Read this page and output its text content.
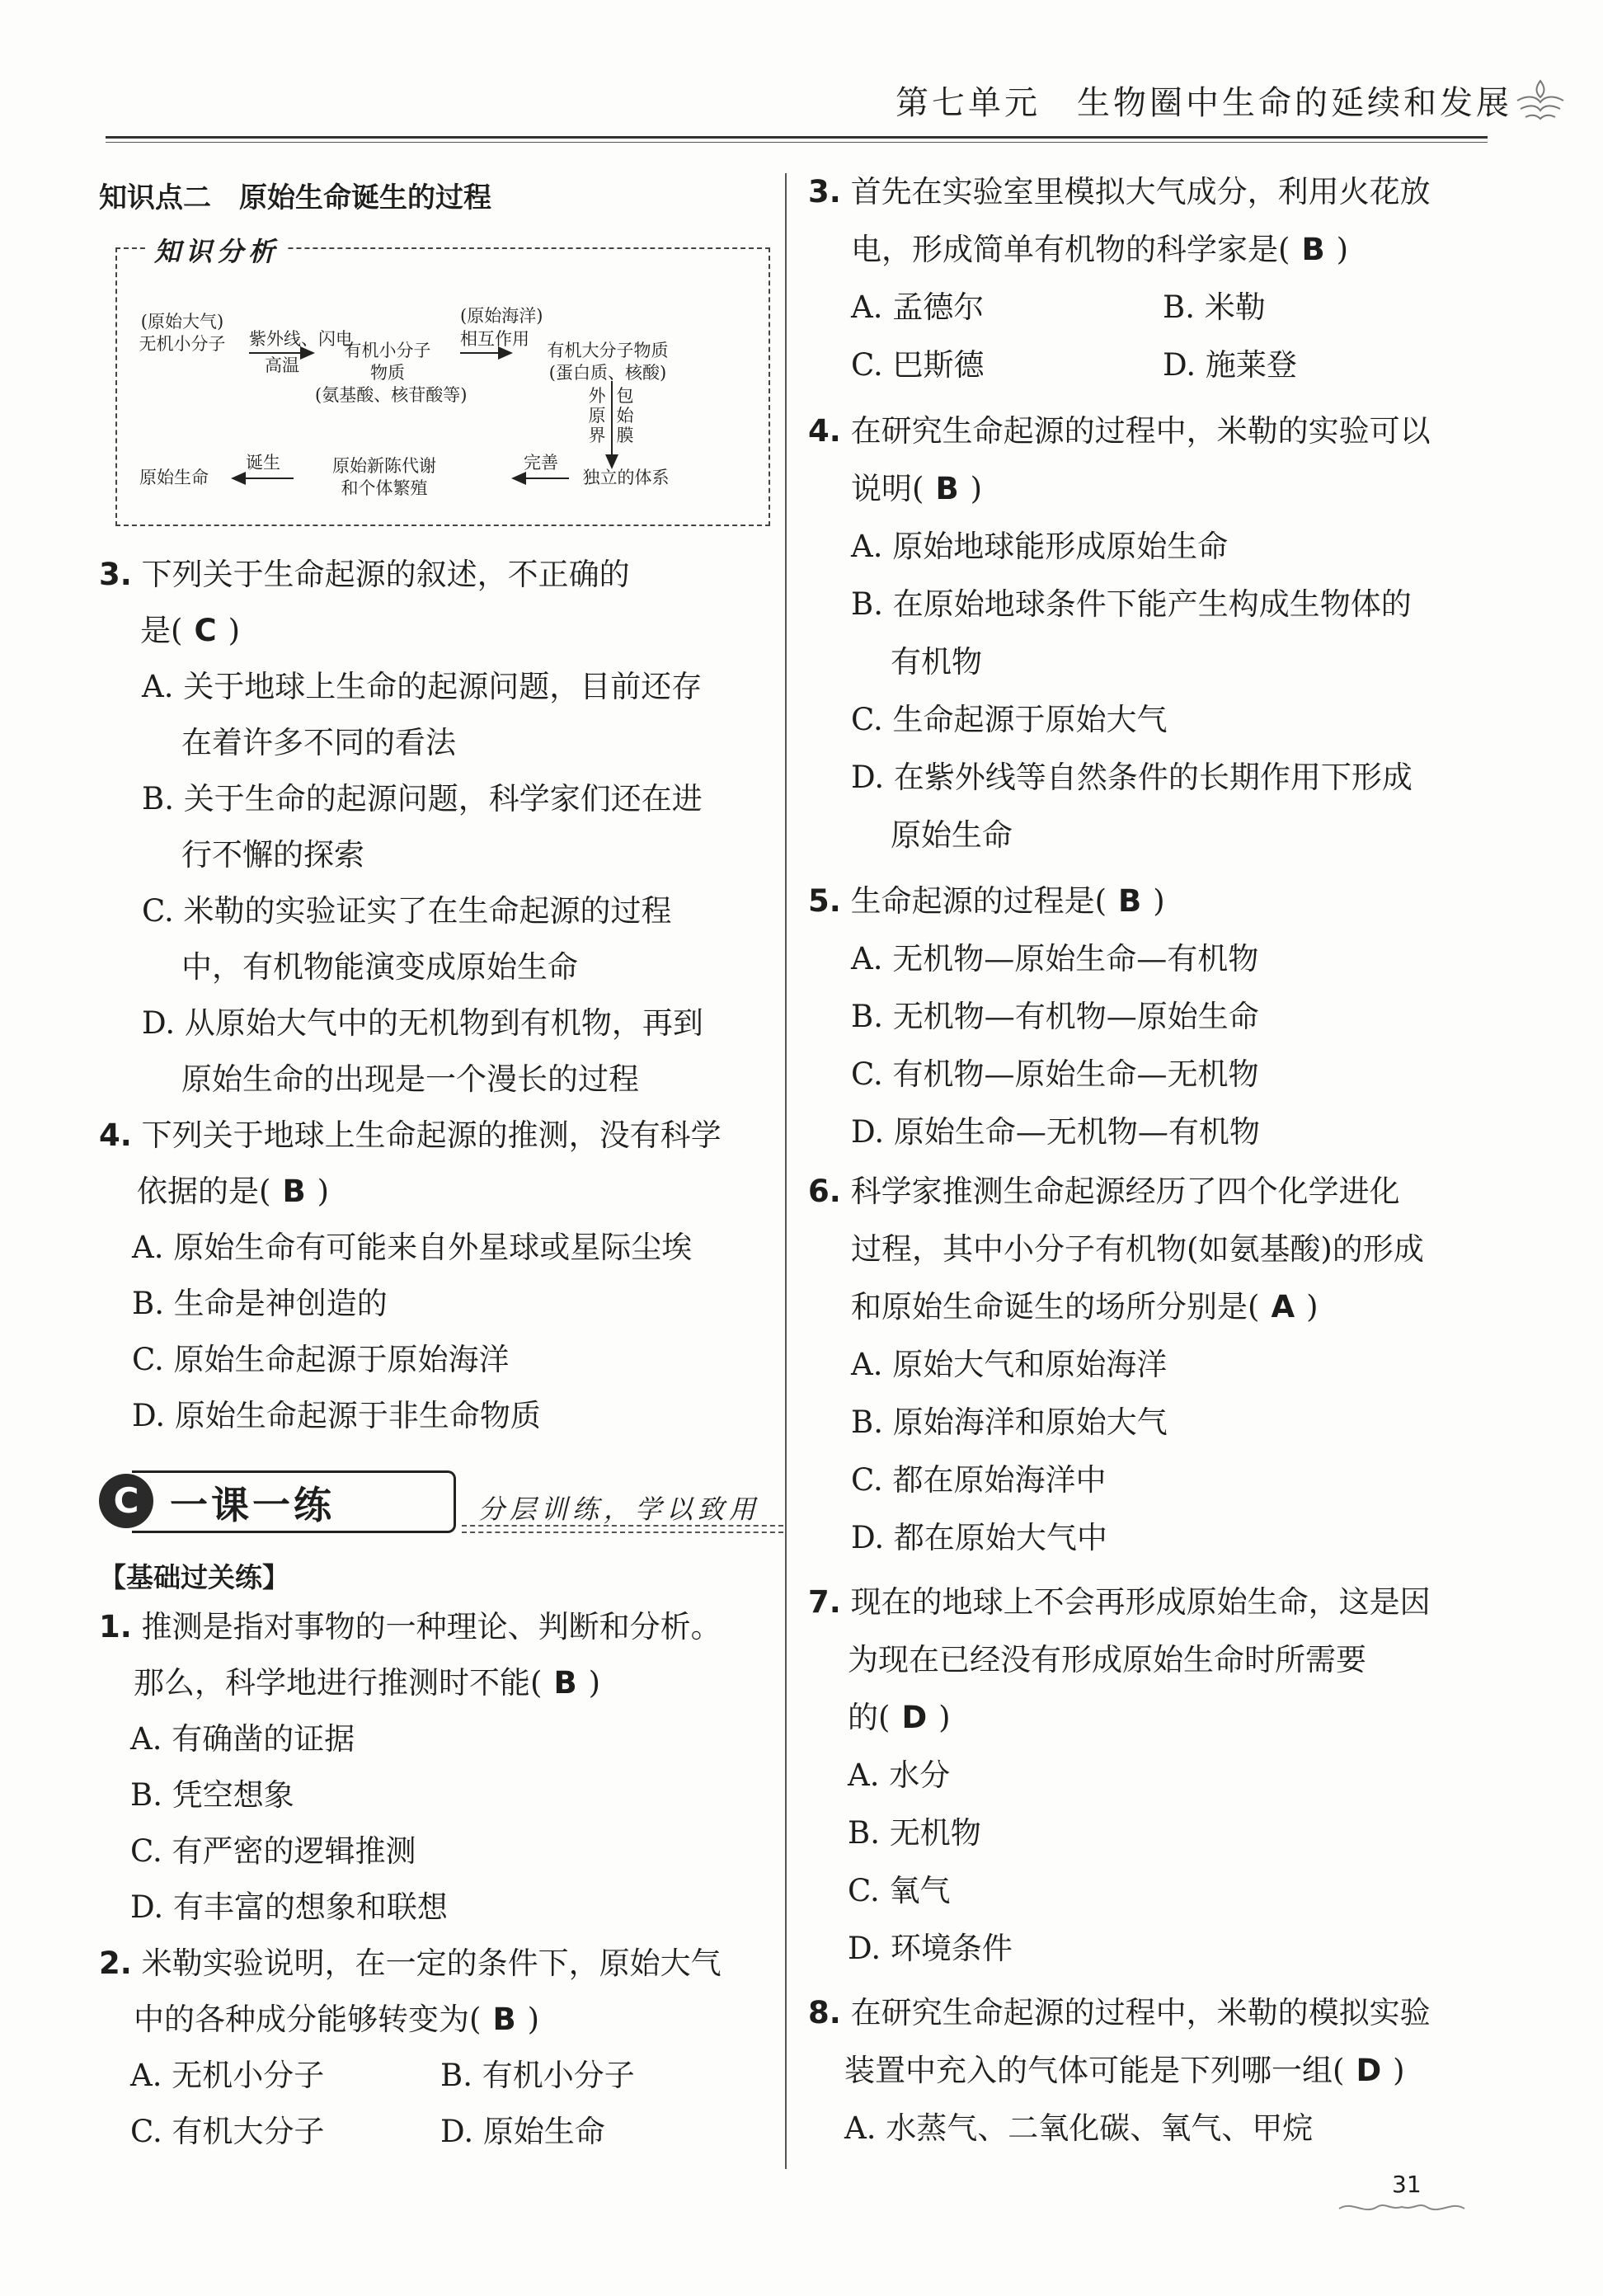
第七单元　生物圈中生命的延续和发展
知识点二　原始生命诞生的过程
知识分析
(原始大气)
无机小分子	紫外线、闪电
高温
有机小分子
物质
(氨基酸、核苷酸等)
(原始海洋)
相互作用
有机大分子物质
(蛋白质、核酸)
外
原
界
包
始
膜
独立的体系
完善
原始新陈代谢
和个体繁殖
诞生
原始生命
3. 下列关于生命起源的叙述，不正确的
是( C )
A. 关于地球上生命的起源问题，目前还存
在着许多不同的看法
B. 关于生命的起源问题，科学家们还在进
行不懈的探索
C. 米勒的实验证实了在生命起源的过程
中，有机物能演变成原始生命
D. 从原始大气中的无机物到有机物，再到
原始生命的出现是一个漫长的过程
4. 下列关于地球上生命起源的推测，没有科学
依据的是( B )
A. 原始生命有可能来自外星球或星际尘埃
B. 生命是神创造的
C. 原始生命起源于原始海洋
D. 原始生命起源于非生命物质
C 一课一练	分层训练，学以致用
【基础过关练】
1. 推测是指对事物的一种理论、判断和分析。
那么，科学地进行推测时不能( B )
A. 有确凿的证据
B. 凭空想象
C. 有严密的逻辑推测
D. 有丰富的想象和联想
2. 米勒实验说明，在一定的条件下，原始大气
中的各种成分能够转变为( B )
A. 无机小分子	B. 有机小分子
C. 有机大分子	D. 原始生命
3. 首先在实验室里模拟大气成分，利用火花放
电，形成简单有机物的科学家是( B )
A. 孟德尔	B. 米勒
C. 巴斯德	D. 施莱登
4. 在研究生命起源的过程中，米勒的实验可以
说明( B )
A. 原始地球能形成原始生命
B. 在原始地球条件下能产生构成生物体的
有机物
C. 生命起源于原始大气
D. 在紫外线等自然条件的长期作用下形成
原始生命
5. 生命起源的过程是( B )
A. 无机物—原始生命—有机物
B. 无机物—有机物—原始生命
C. 有机物—原始生命—无机物
D. 原始生命—无机物—有机物
6. 科学家推测生命起源经历了四个化学进化
过程，其中小分子有机物(如氨基酸)的形成
和原始生命诞生的场所分别是( A )
A. 原始大气和原始海洋
B. 原始海洋和原始大气
C. 都在原始海洋中
D. 都在原始大气中
7. 现在的地球上不会再形成原始生命，这是因
为现在已经没有形成原始生命时所需要
的( D )
A. 水分
B. 无机物
C. 氧气
D. 环境条件
8. 在研究生命起源的过程中，米勒的模拟实验
装置中充入的气体可能是下列哪一组( D )
A. 水蒸气、二氧化碳、氧气、甲烷
31
